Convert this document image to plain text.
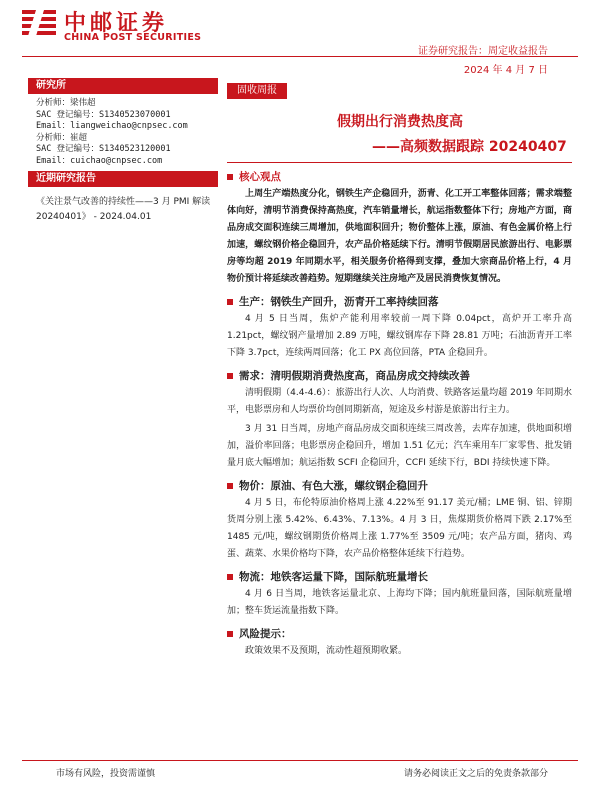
中邮证券
CHINA POST SECURITIES
证券研究报告：周定收益报告
2024 年 4 月 7 日
研究所
分析师：梁伟超
SAC 登记编号：S1340523070001
Email：liangweichao@cnpsec.com
分析师：崔超
SAC 登记编号：S1340523120001
Email：cuichao@cnpsec.com
近期研究报告
《关注景气改善的持续性——3 月 PMI 解读 20240401》 - 2024.04.01
固收周报
假期出行消费热度高
——高频数据跟踪 20240407
核心观点
上周生产端热度分化，钢铁生产企稳回升，沥青、化工开工率整体回落；需求端整体向好，清明节消费保持高热度，汽车销量增长，航运指数整体下行；房地产方面，商品房成交面积连续三周增加，供地面积回升；物价整体上涨，原油、有色金属价格上行加速，螺纹钢价格企稳回升，农产品价格延续下行。清明节假期居民旅游出行、电影票房等均超 2019 年同期水平，相关服务价格得到支撑，叠加大宗商品价格上行，4 月物价预计将延续改善趋势。短期继续关注房地产及居民消费恢复情况。
生产：钢铁生产回升，沥青开工率持续回落
4 月 5 日当周，焦炉产能利用率较前一周下降 0.04pct，高炉开工率升高 1.21pct，螺纹钢产量增加 2.89 万吨，螺纹钢库存下降 28.81 万吨；石油沥青开工率下降 3.7pct，连续两周回落；化工 PX 高位回落，PTA 企稳回升。
需求：清明假期消费热度高，商品房成交持续改善
清明假期（4.4-4.6）：旅游出行人次、人均消费、铁路客运量均超 2019 年同期水平，电影票房和人均票价均创同期新高，短途及乡村游是旅游出行主力。
3 月 31 日当周，房地产商品房成交面积连续三周改善，去库存加速，供地面积增加，溢价率回落；电影票房企稳回升，增加 1.51 亿元；汽车乘用车厂家零售、批发销量月底大幅增加；航运指数 SCFI 企稳回升，CCFI 延续下行，BDI 持续快速下降。
物价：原油、有色大涨，螺纹钢企稳回升
4 月 5 日，布伦特原油价格周上涨 4.22%至 91.17 美元/桶；LME 铜、铝、锌期货周分别上涨 5.42%、6.43%、7.13%。4 月 3 日，焦煤期货价格周下跌 2.17%至 1485 元/吨，螺纹钢期货价格周上涨 1.77%至 3509 元/吨；农产品方面，猪肉、鸡蛋、蔬菜、水果价格均下降，农产品价格整体延续下行趋势。
物流：地铁客运量下降，国际航班量增长
4 月 6 日当周，地铁客运量北京、上海均下降；国内航班量回落，国际航班量增加；整车货运流量指数下降。
风险提示：
政策效果不及预期，流动性超预期收紧。
市场有风险，投资需谨慎	请务必阅读正文之后的免责条款部分
